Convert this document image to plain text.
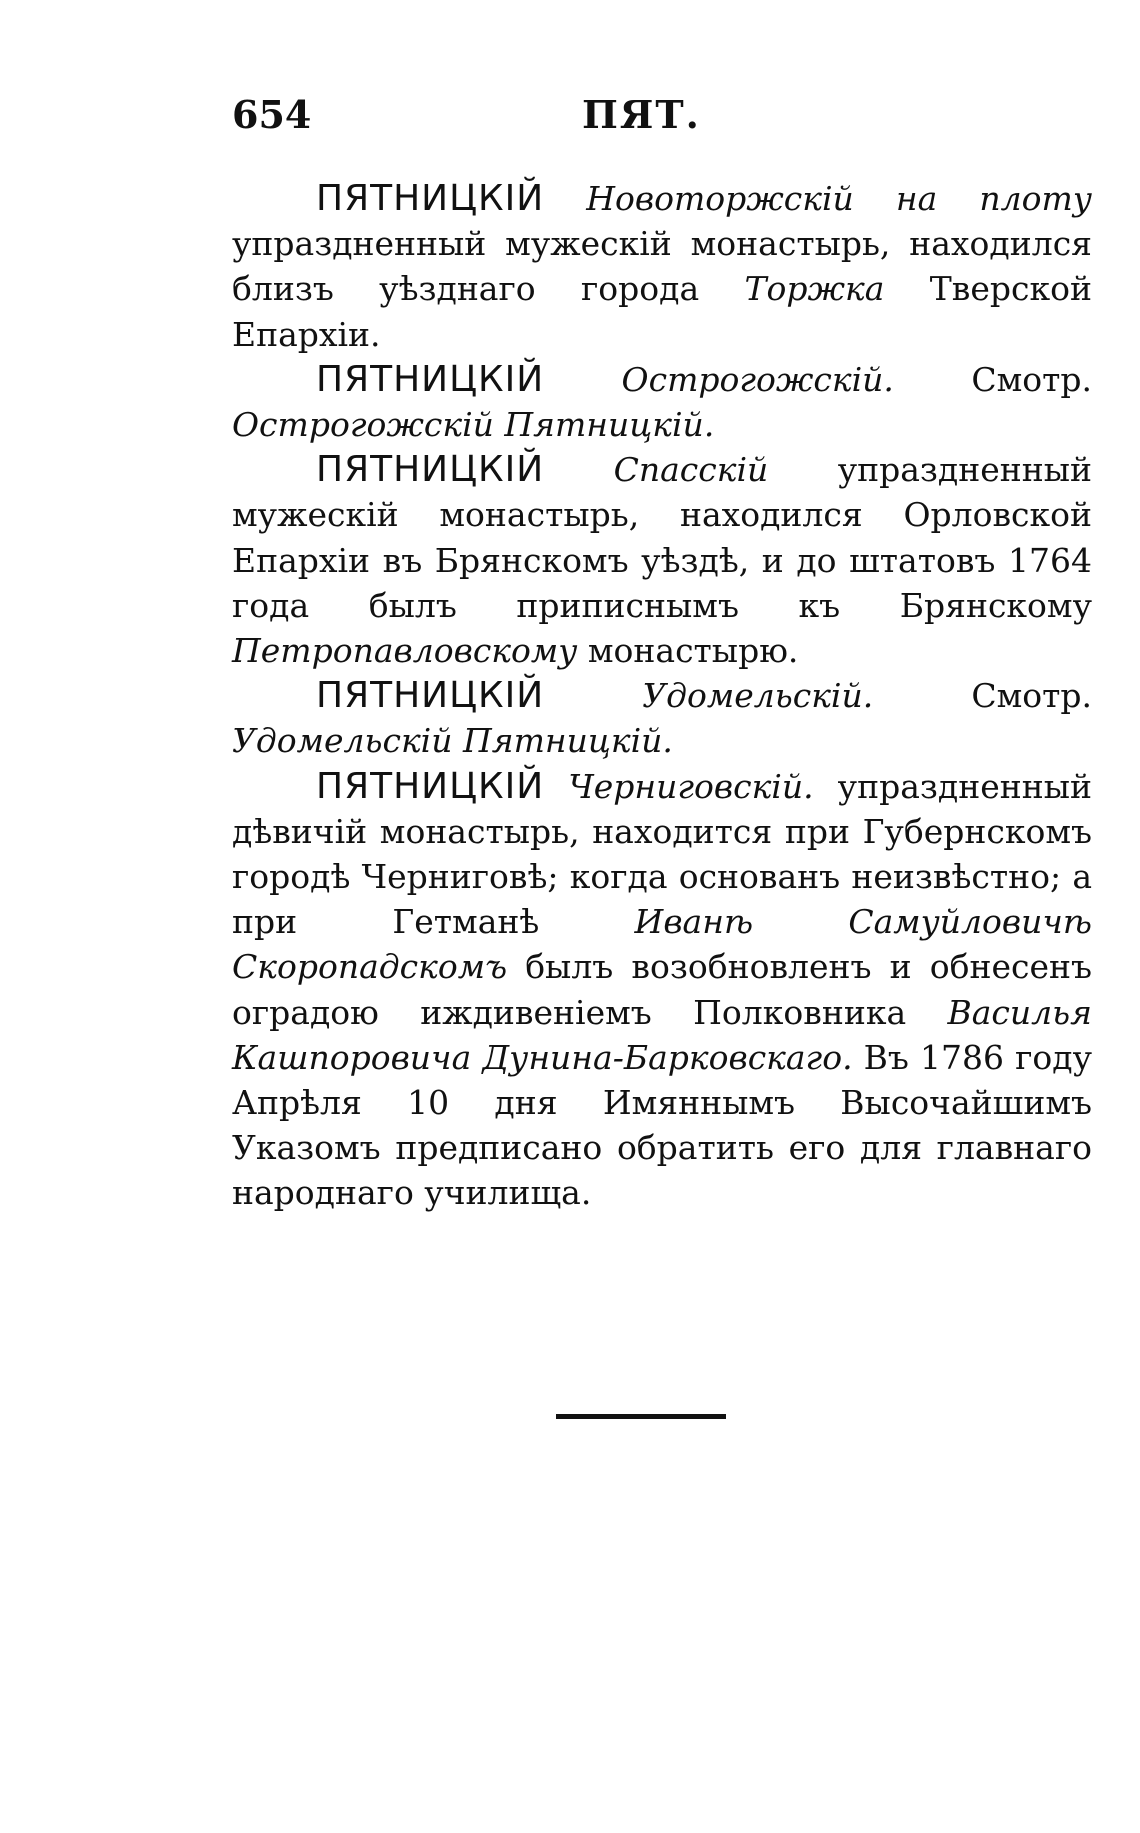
654	ПЯТ.

ПЯТНИЦКІЙ Новоторжскій на плоту упраздненный мужескій монастырь, находился близъ уѣзднаго города Торжка Тверской Епархіи.

ПЯТНИЦКІЙ Острогожскій. Смотр. Острогожскій Пятницкій.

ПЯТНИЦКІЙ Спасскій упраздненный мужескій монастырь, находился Орловской Епархіи въ Брянскомъ уѣздѣ, и до штатовъ 1764 года былъ приписнымъ къ Брянскому Петропавловскому монастырю.

ПЯТНИЦКІЙ	Удомельскій. Смотр. Удомельскій Пятницкій.

ПЯТНИЦКІЙ Черниговскій. упраздненный дѣвичій монастырь, находится при Губернскомъ городѣ Черниговѣ; когда основанъ неизвѣстно; а при Гетманѣ Иванѣ Самуйловичѣ Скоропадскомъ былъ возобновленъ и обнесенъ оградою иждивеніемъ Полковника Василья Кашпоровича Дунина-Барковскаго. Въ 1786 году Апрѣля 10 дня Имяннымъ Высочайшимъ Указомъ предписано обратить его для главнаго народнаго училища.
